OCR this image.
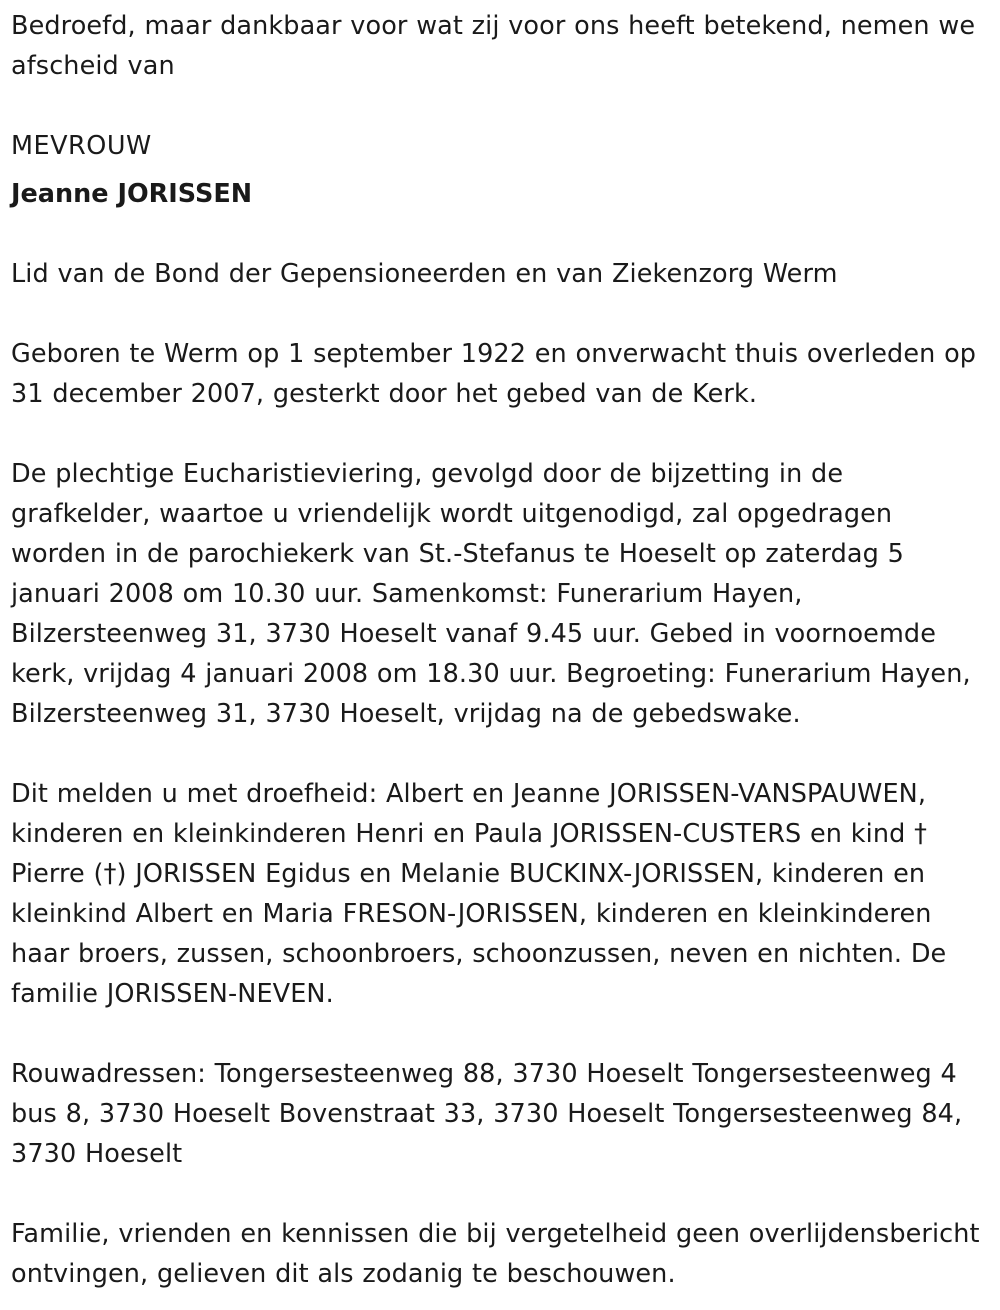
Bedroefd, maar dankbaar voor wat zij voor ons heeft betekend, nemen we afscheid van

MEVROUW

Jeanne JORISSEN

Lid van de Bond der Gepensioneerden en van Ziekenzorg Werm

Geboren te Werm op 1 september 1922 en onverwacht thuis overleden op 31 december 2007, gesterkt door het gebed van de Kerk.

De plechtige Eucharistieviering, gevolgd door de bijzetting in de grafkelder, waartoe u vriendelijk wordt uitgenodigd, zal opgedragen worden in de parochiekerk van St.-Stefanus te Hoeselt op zaterdag 5 januari 2008 om 10.30 uur. Samenkomst: Funerarium Hayen, Bilzersteenweg 31, 3730 Hoeselt vanaf 9.45 uur. Gebed in voornoemde kerk, vrijdag 4 januari 2008 om 18.30 uur. Begroeting: Funerarium Hayen, Bilzersteenweg 31, 3730 Hoeselt, vrijdag na de gebedswake.

Dit melden u met droefheid: Albert en Jeanne JORISSEN-VANSPAUWEN, kinderen en kleinkinderen Henri en Paula JORISSEN-CUSTERS en kind † Pierre (†) JORISSEN Egidus en Melanie BUCKINX-JORISSEN, kinderen en kleinkind Albert en Maria FRESON-JORISSEN, kinderen en kleinkinderen haar broers, zussen, schoonbroers, schoonzussen, neven en nichten. De familie JORISSEN-NEVEN.

Rouwadressen: Tongersesteenweg 88, 3730 Hoeselt Tongersesteenweg 4 bus 8, 3730 Hoeselt Bovenstraat 33, 3730 Hoeselt Tongersesteenweg 84, 3730 Hoeselt

Familie, vrienden en kennissen die bij vergetelheid geen overlijdensbericht ontvingen, gelieven dit als zodanig te beschouwen.
